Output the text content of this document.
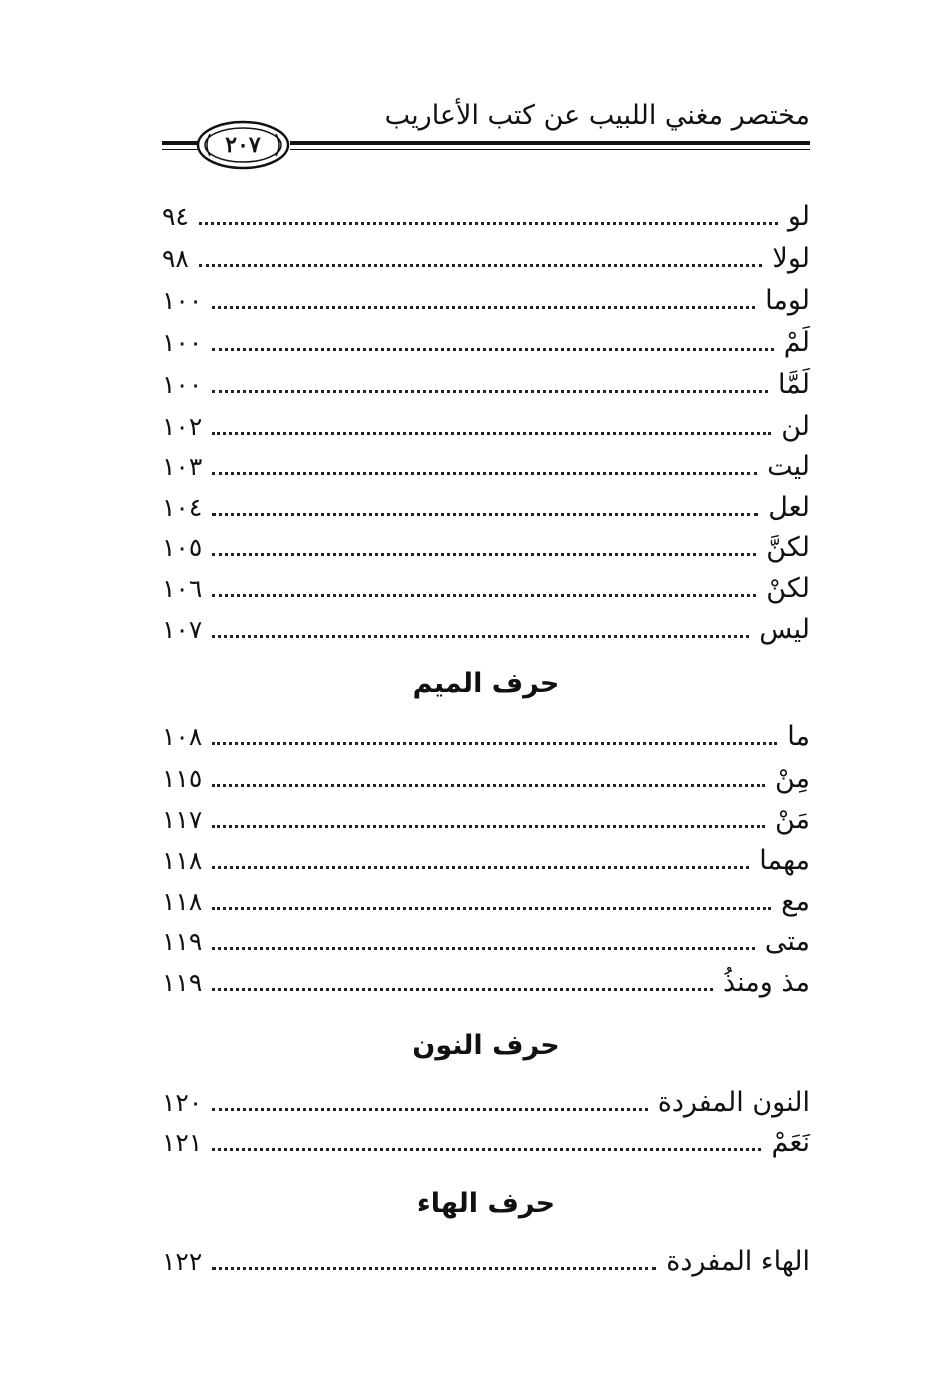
مختصر مغني اللبيب عن كتب الأعاريب
٢٠٧
لو
٩٤
لولا
٩٨
لوما
١٠٠
لَمْ
١٠٠
لَمَّا
١٠٠
لن
١٠٢
ليت
١٠٣
لعل
١٠٤
لكنَّ
١٠٥
لكنْ
١٠٦
ليس
١٠٧
حرف الميم
ما
١٠٨
مِنْ
١١٥
مَنْ
١١٧
مهما
١١٨
مع
١١٨
متى
١١٩
مذ ومنذُ
١١٩
حرف النون
النون المفردة
١٢٠
نَعَمْ
١٢١
حرف الهاء
الهاء المفردة
١٢٢
